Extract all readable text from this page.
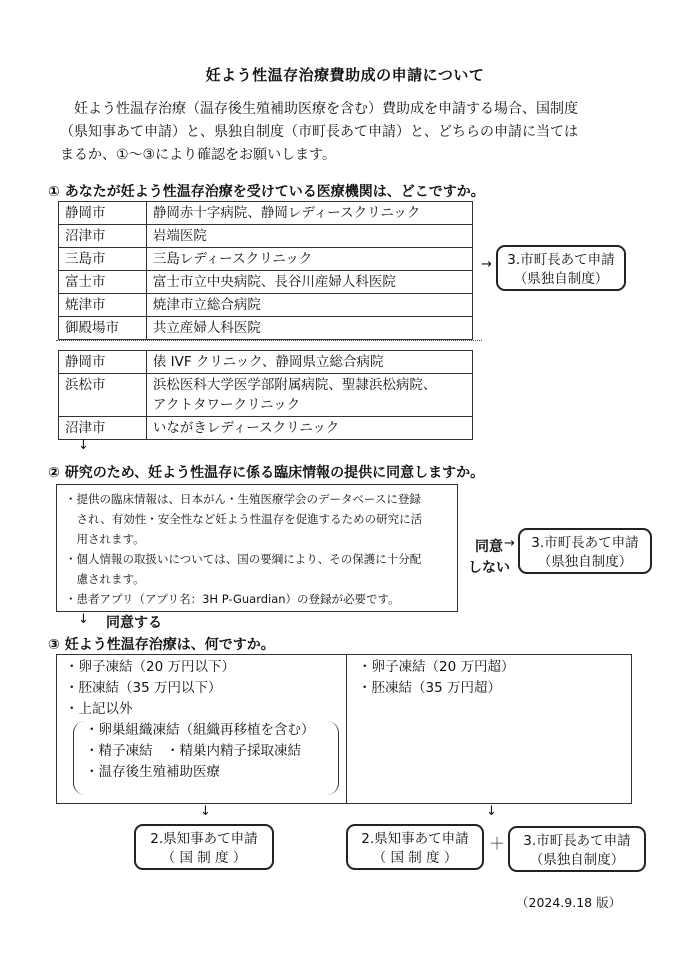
妊よう性温存治療費助成の申請について
妊よう性温存治療（温存後生殖補助医療を含む）費助成を申請する場合、国制度
（県知事あて申請）と、県独自制度（市町長あて申請）と、どちらの申請に当ては
まるか、①〜③により確認をお願いします。
① あなたが妊よう性温存治療を受けている医療機関は、どこですか。
静岡市	静岡赤十字病院、静岡レディースクリニック
沼津市	岩端医院
三島市	三島レディースクリニック
富士市	富士市立中央病院、長谷川産婦人科医院
焼津市	焼津市立総合病院
御殿場市	共立産婦人科医院
→	3.市町長あて申請
（県独自制度）
静岡市	俵 IVF クリニック、静岡県立総合病院
浜松市	浜松医科大学医学部附属病院、聖隷浜松病院、
アクトタワークリニック

沼津市	いながきレディースクリニック
↓
② 研究のため、妊よう性温存に係る臨床情報の提供に同意しますか。
・提供の臨床情報は、日本がん・生殖医療学会のデータベースに登録
　され、有効性・安全性など妊よう性温存を促進するための研究に活
　用されます。
・個人情報の取扱いについては、国の要綱により、その保護に十分配
　慮されます。
・患者アプリ（アプリ名：3H P-Guardian）の登録が必要です。
同意
しない
→	3.市町長あて申請
（県独自制度）
↓ 同意する
③ 妊よう性温存治療は、何ですか。
・卵子凍結（20 万円以下）
・胚凍結（35 万円以下）
・上記以外
・卵巣組織凍結（組織再移植を含む）
・精子凍結　・精巣内精子採取凍結
・温存後生殖補助医療
・卵子凍結（20 万円超）
・胚凍結（35 万円超）
↓	↓
2.県知事あて申請
（ 国 制 度 ）
2.県知事あて申請
（ 国 制 度 ）
＋	3.市町長あて申請
（県独自制度）
（2024.9.18 版）
